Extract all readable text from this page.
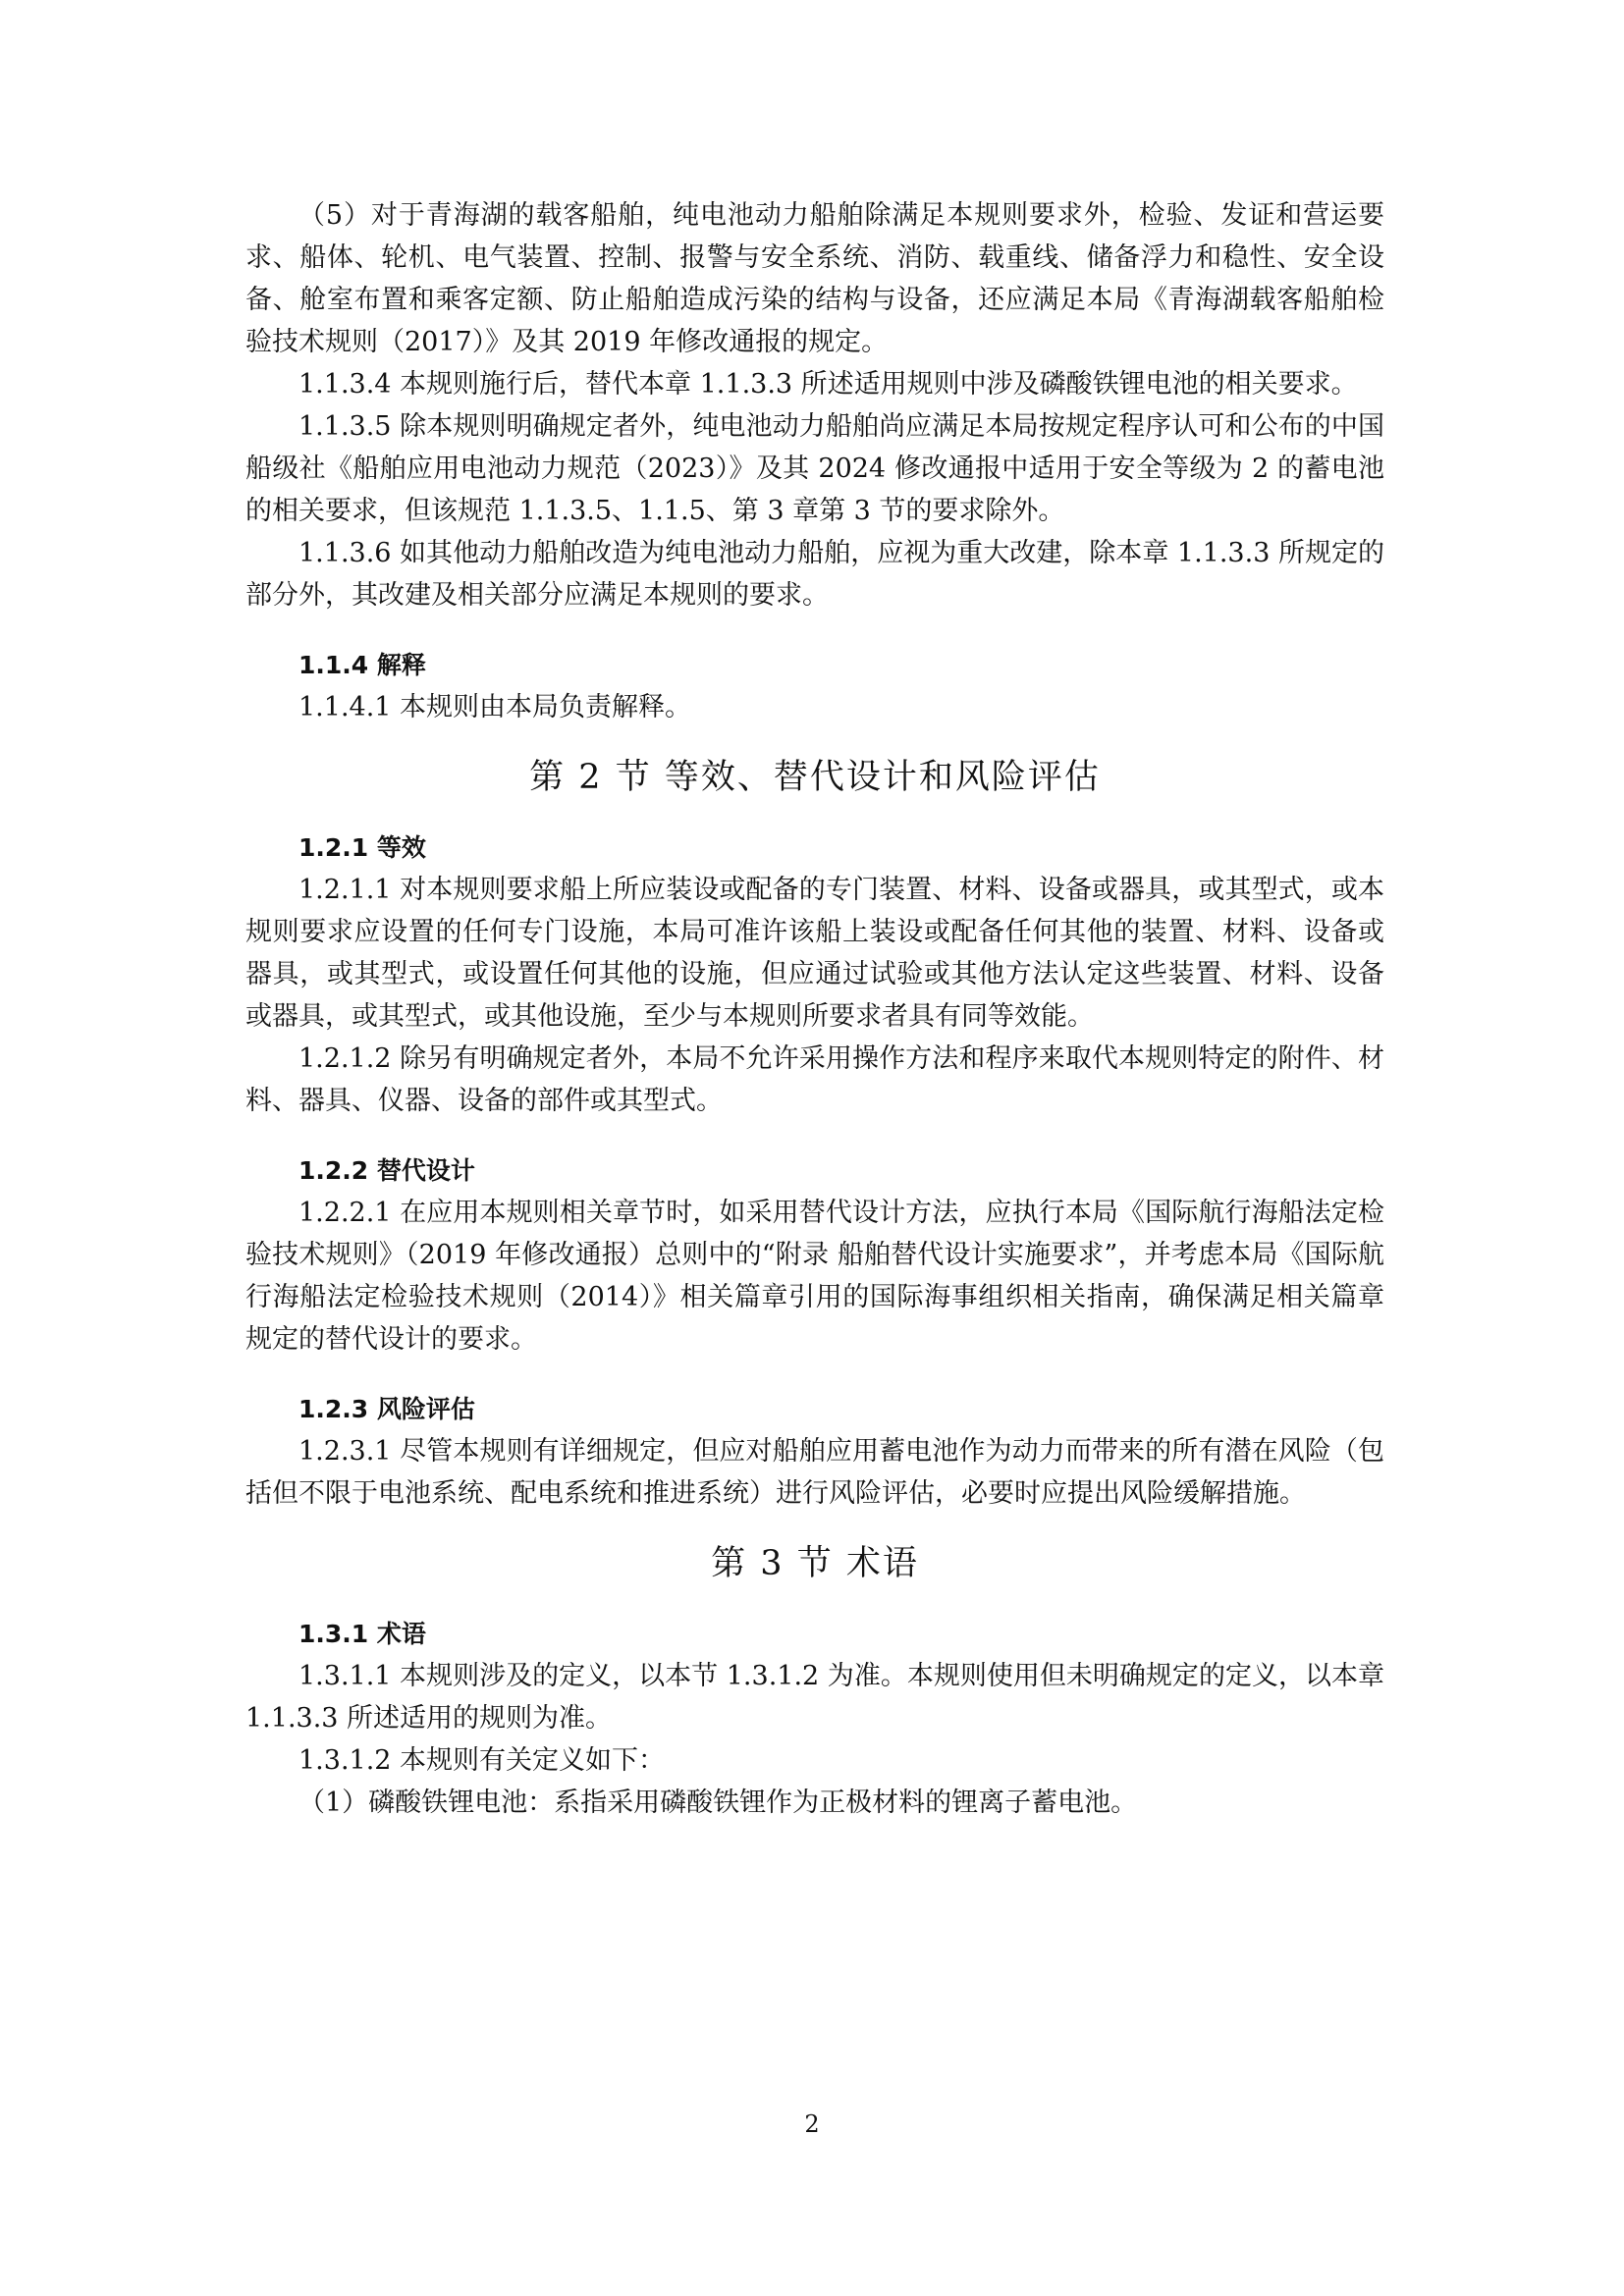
（5）对于青海湖的载客船舶，纯电池动力船舶除满足本规则要求外，检验、发证和营运要求、船体、轮机、电气装置、控制、报警与安全系统、消防、载重线、储备浮力和稳性、安全设备、舱室布置和乘客定额、防止船舶造成污染的结构与设备，还应满足本局《青海湖载客船舶检验技术规则（2017）》及其 2019 年修改通报的规定。

1.1.3.4 本规则施行后，替代本章 1.1.3.3 所述适用规则中涉及磷酸铁锂电池的相关要求。

1.1.3.5 除本规则明确规定者外，纯电池动力船舶尚应满足本局按规定程序认可和公布的中国船级社《船舶应用电池动力规范（2023）》及其 2024 修改通报中适用于安全等级为 2 的蓄电池的相关要求，但该规范 1.1.3.5、1.1.5、第 3 章第 3 节的要求除外。

1.1.3.6 如其他动力船舶改造为纯电池动力船舶，应视为重大改建，除本章 1.1.3.3 所规定的部分外，其改建及相关部分应满足本规则的要求。

1.1.4 解释

1.1.4.1 本规则由本局负责解释。

第 2 节 等效、替代设计和风险评估

1.2.1 等效

1.2.1.1 对本规则要求船上所应装设或配备的专门装置、材料、设备或器具，或其型式，或本规则要求应设置的任何专门设施，本局可准许该船上装设或配备任何其他的装置、材料、设备或器具，或其型式，或设置任何其他的设施，但应通过试验或其他方法认定这些装置、材料、设备或器具，或其型式，或其他设施，至少与本规则所要求者具有同等效能。

1.2.1.2 除另有明确规定者外，本局不允许采用操作方法和程序来取代本规则特定的附件、材料、器具、仪器、设备的部件或其型式。

1.2.2 替代设计

1.2.2.1 在应用本规则相关章节时，如采用替代设计方法，应执行本局《国际航行海船法定检验技术规则》（2019 年修改通报）总则中的“附录 船舶替代设计实施要求”，并考虑本局《国际航行海船法定检验技术规则（2014）》相关篇章引用的国际海事组织相关指南，确保满足相关篇章规定的替代设计的要求。

1.2.3 风险评估

1.2.3.1 尽管本规则有详细规定，但应对船舶应用蓄电池作为动力而带来的所有潜在风险（包括但不限于电池系统、配电系统和推进系统）进行风险评估，必要时应提出风险缓解措施。

第 3 节 术语

1.3.1 术语

1.3.1.1 本规则涉及的定义，以本节 1.3.1.2 为准。本规则使用但未明确规定的定义，以本章 1.1.3.3 所述适用的规则为准。

1.3.1.2 本规则有关定义如下：

（1）磷酸铁锂电池：系指采用磷酸铁锂作为正极材料的锂离子蓄电池。

2
